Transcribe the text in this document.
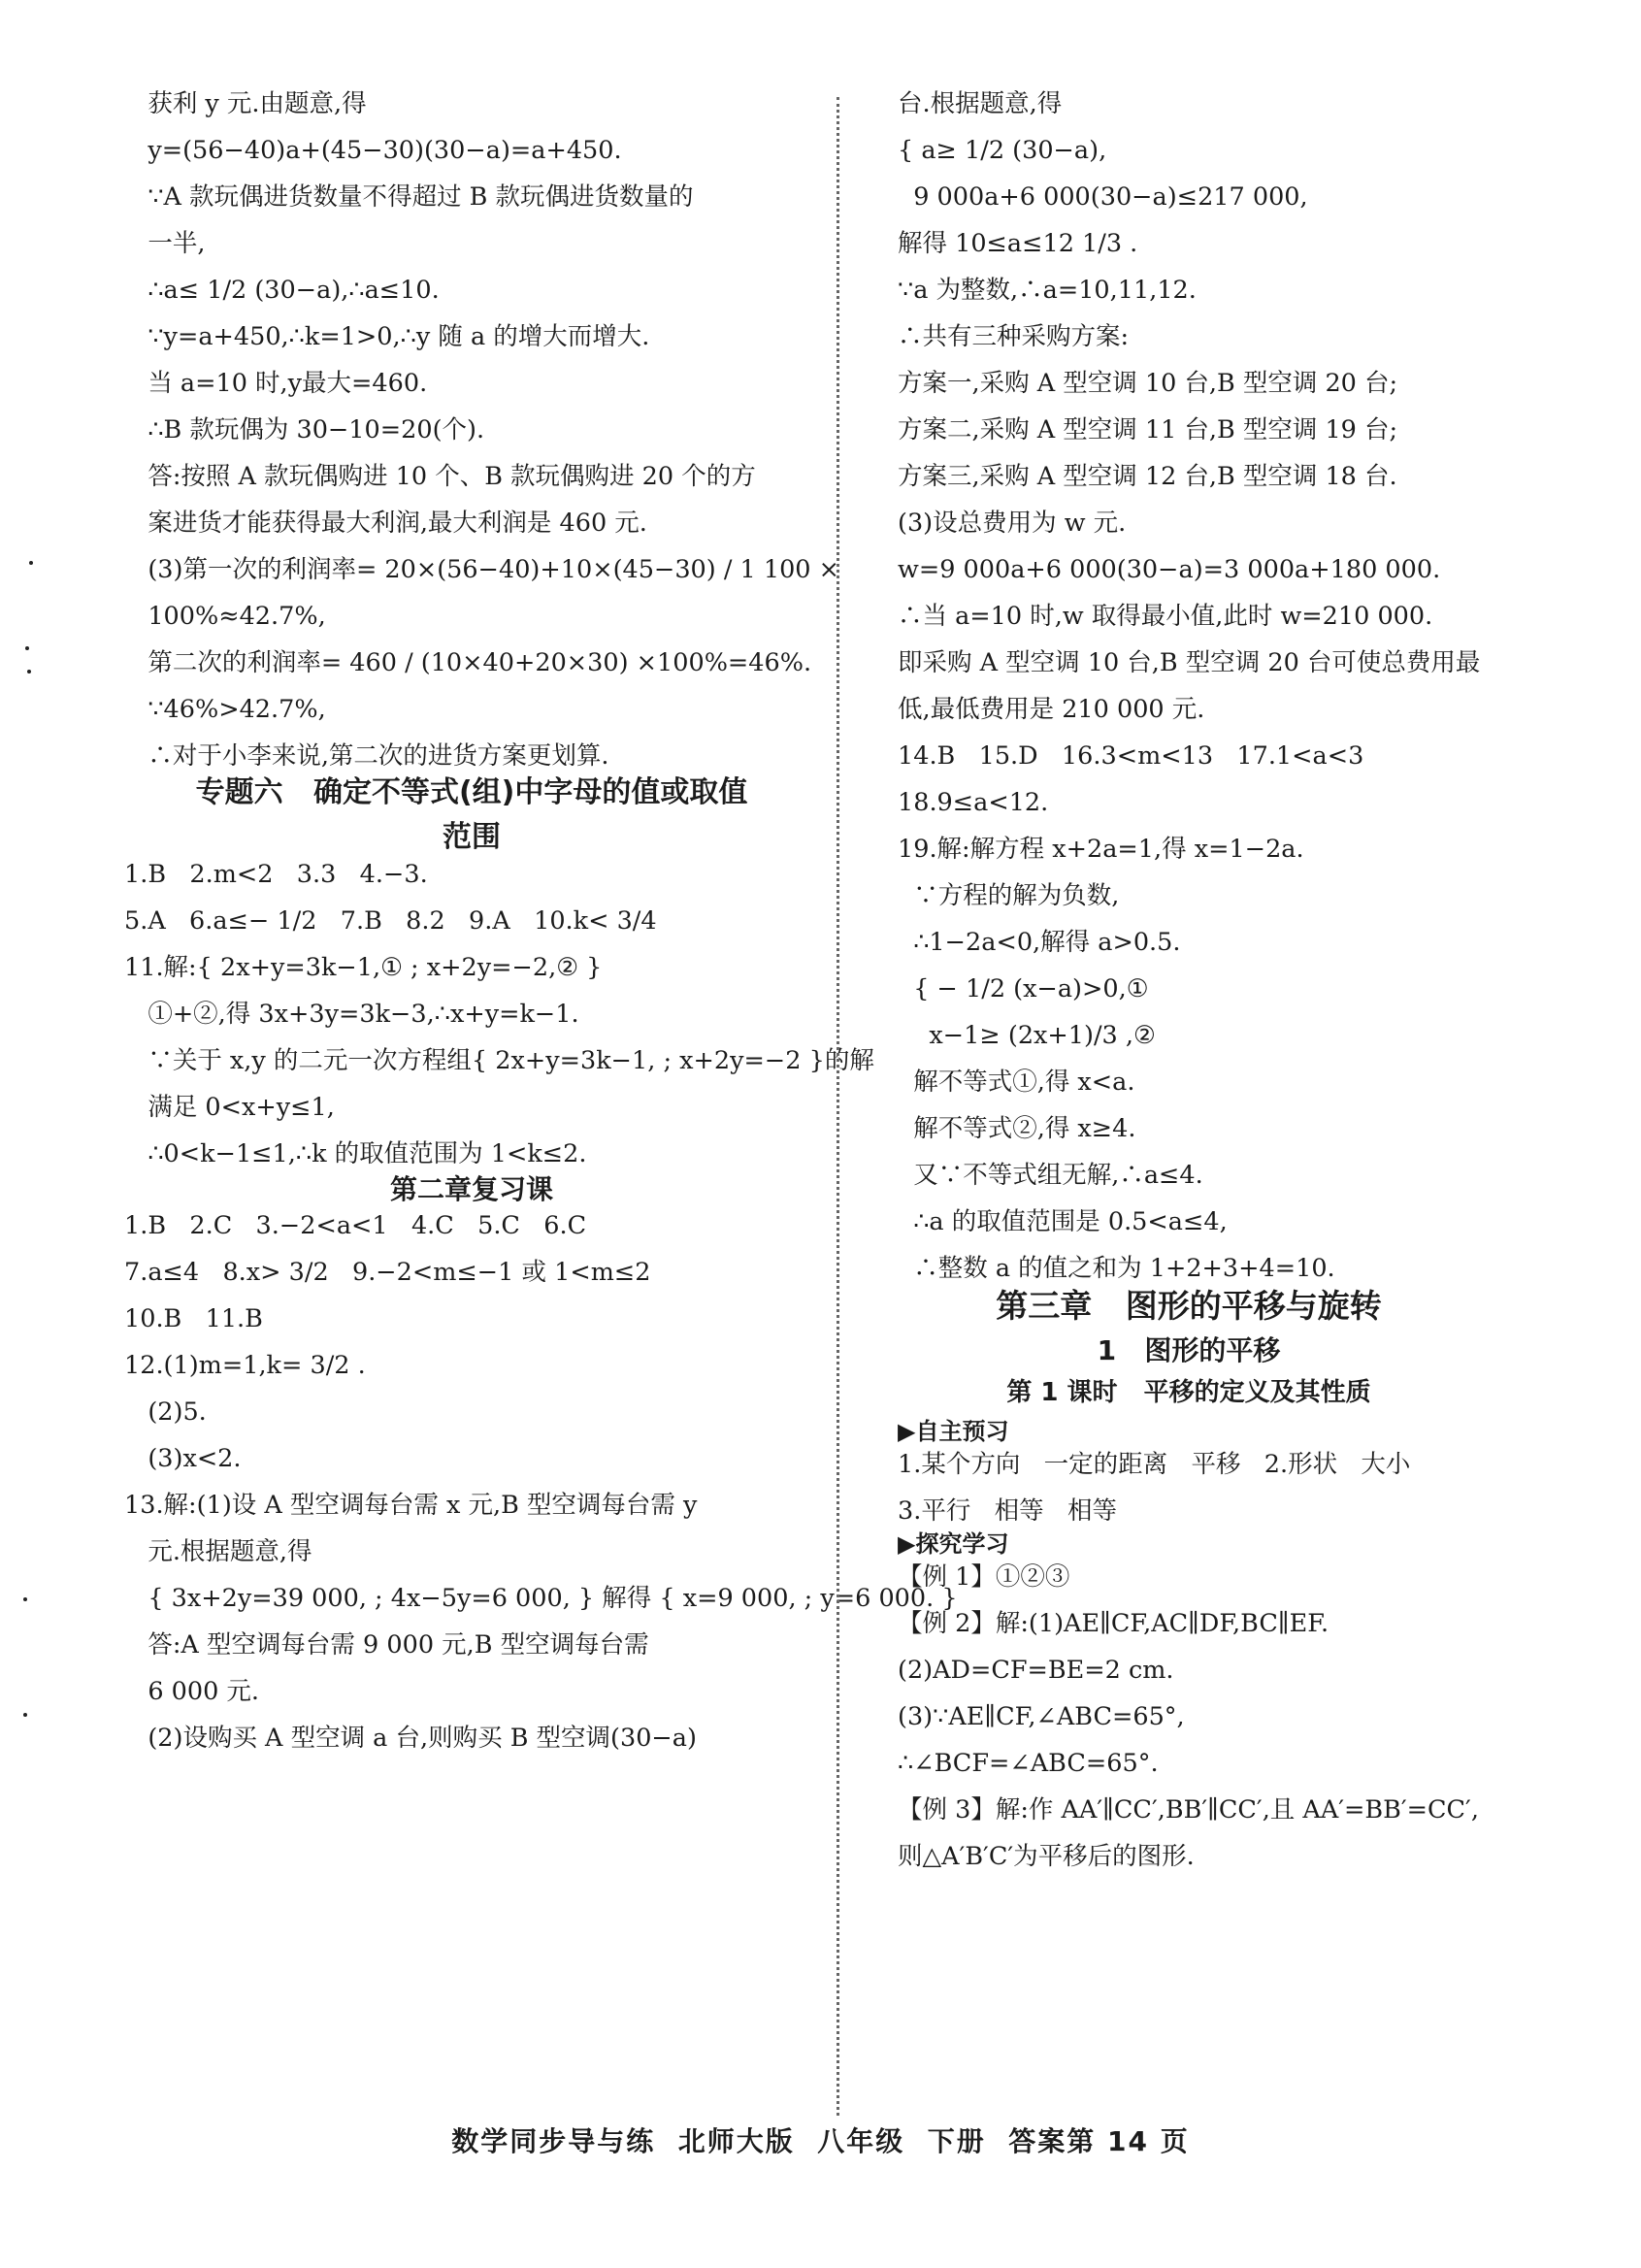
获利 y 元.由题意,得

y=(56−40)a+(45−30)(30−a)=a+450.

∵A 款玩偶进货数量不得超过 B 款玩偶进货数量的

一半,

∴a≤ 1/2 (30−a),∴a≤10.

∵y=a+450,∴k=1>0,∴y 随 a 的增大而增大.

当 a=10 时,y最大=460.

∴B 款玩偶为 30−10=20(个).

答:按照 A 款玩偶购进 10 个、B 款玩偶购进 20 个的方

案进货才能获得最大利润,最大利润是 460 元.

(3)第一次的利润率= 20×(56−40)+10×(45−30) / 1 100 ×

100%≈42.7%,

第二次的利润率= 460 / (10×40+20×30) ×100%=46%.

∵46%>42.7%,

∴对于小李来说,第二次的进货方案更划算.

专题六   确定不等式(组)中字母的值或取值
范围

1.B   2.m<2   3.3   4.−3.

5.A   6.a≤− 1/2   7.B   8.2   9.A   10.k< 3/4

11.解:{ 2x+y=3k−1,① ; x+2y=−2,② }

①+②,得 3x+3y=3k−3,∴x+y=k−1.

∵关于 x,y 的二元一次方程组{ 2x+y=3k−1, ; x+2y=−2 }的解

满足 0<x+y≤1,

∴0<k−1≤1,∴k 的取值范围为 1<k≤2.

第二章复习课

1.B   2.C   3.−2<a<1   4.C   5.C   6.C

7.a≤4   8.x> 3/2   9.−2<m≤−1 或 1<m≤2

10.B   11.B

12.(1)m=1,k= 3/2 .

(2)5.

(3)x<2.

13.解:(1)设 A 型空调每台需 x 元,B 型空调每台需 y

元.根据题意,得

{ 3x+2y=39 000, ; 4x−5y=6 000, } 解得 { x=9 000, ; y=6 000. }

答:A 型空调每台需 9 000 元,B 型空调每台需

6 000 元.

(2)设购买 A 型空调 a 台,则购买 B 型空调(30−a)

台.根据题意,得

{ a≥ 1/2 (30−a),

9 000a+6 000(30−a)≤217 000,

解得 10≤a≤12 1/3 .

∵a 为整数,∴a=10,11,12.

∴共有三种采购方案:

方案一,采购 A 型空调 10 台,B 型空调 20 台;

方案二,采购 A 型空调 11 台,B 型空调 19 台;

方案三,采购 A 型空调 12 台,B 型空调 18 台.

(3)设总费用为 w 元.

w=9 000a+6 000(30−a)=3 000a+180 000.

∴当 a=10 时,w 取得最小值,此时 w=210 000.

即采购 A 型空调 10 台,B 型空调 20 台可使总费用最

低,最低费用是 210 000 元.

14.B   15.D   16.3<m<13   17.1<a<3

18.9≤a<12.

19.解:解方程 x+2a=1,得 x=1−2a.

∵方程的解为负数,

∴1−2a<0,解得 a>0.5.

{ − 1/2 (x−a)>0,①

x−1≥ (2x+1)/3 ,②

解不等式①,得 x<a.

解不等式②,得 x≥4.

又∵不等式组无解,∴a≤4.

∴a 的取值范围是 0.5<a≤4,

∴整数 a 的值之和为 1+2+3+4=10.

第三章   图形的平移与旋转
1   图形的平移
第 1 课时   平移的定义及其性质
▶自主预习

1.某个方向   一定的距离   平移   2.形状   大小

3.平行   相等   相等

▶探究学习

【例 1】①②③

【例 2】解:(1)AE∥CF,AC∥DF,BC∥EF.

(2)AD=CF=BE=2 cm.

(3)∵AE∥CF,∠ABC=65°,

∴∠BCF=∠ABC=65°.

【例 3】解:作 AA′∥CC′,BB′∥CC′,且 AA′=BB′=CC′,

则△A′B′C′为平移后的图形.

数学同步导与练  北师大版  八年级  下册  答案第 14 页
